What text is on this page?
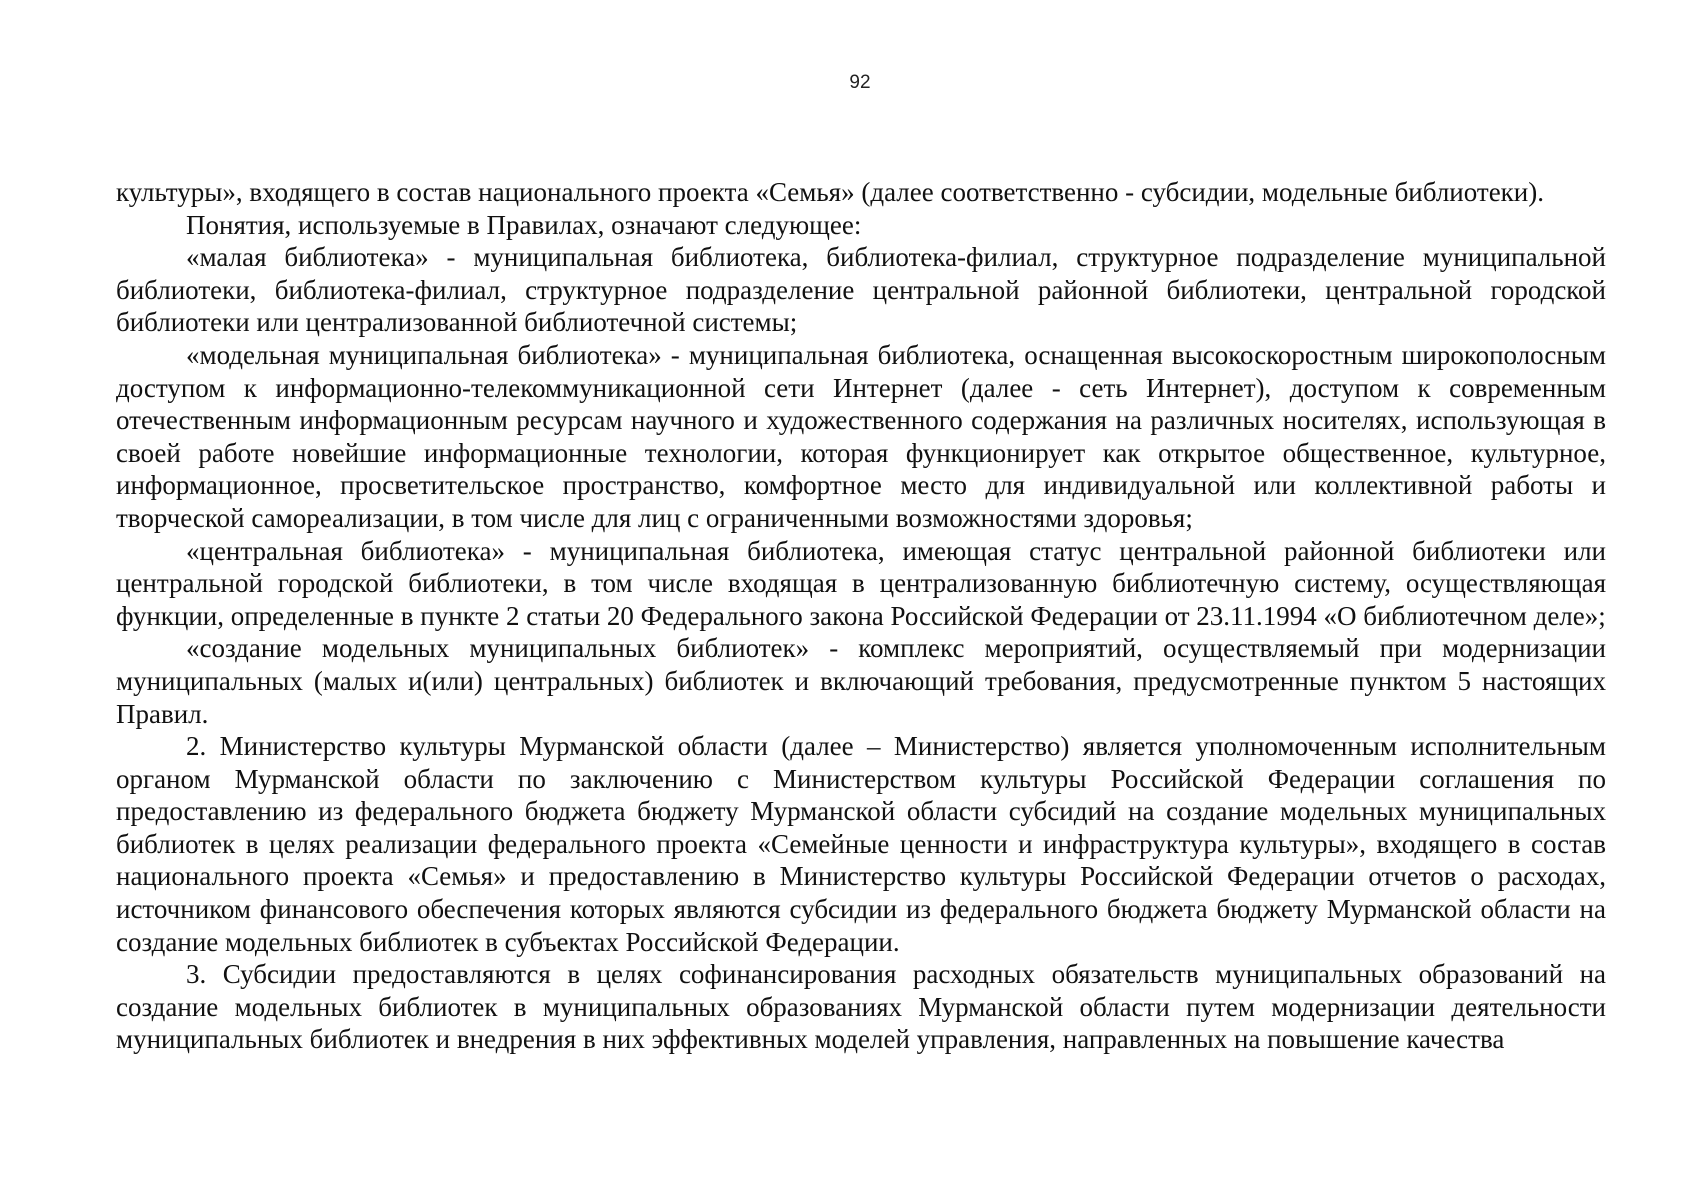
92

культуры», входящего в состав национального проекта «Семья» (далее соответственно - субсидии, модельные библиотеки).

Понятия, используемые в Правилах, означают следующее:

«малая библиотека» - муниципальная библиотека, библиотека-филиал, структурное подразделение муниципальной библиотеки, библиотека-филиал, структурное подразделение центральной районной библиотеки, центральной городской библиотеки или централизованной библиотечной системы;

«модельная муниципальная библиотека» - муниципальная библиотека, оснащенная высокоскоростным широкополосным доступом к информационно-телекоммуникационной сети Интернет (далее - сеть Интернет), доступом к современным отечественным информационным ресурсам научного и художественного содержания на различных носителях, использующая в своей работе новейшие информационные технологии, которая функционирует как открытое общественное, культурное, информационное, просветительское пространство, комфортное место для индивидуальной или коллективной работы и творческой самореализации, в том числе для лиц с ограниченными возможностями здоровья;

«центральная библиотека» - муниципальная библиотека, имеющая статус центральной районной библиотеки или центральной городской библиотеки, в том числе входящая в централизованную библиотечную систему, осуществляющая функции, определенные в пункте 2 статьи 20 Федерального закона Российской Федерации от 23.11.1994 «О библиотечном деле»;

«создание модельных муниципальных библиотек» - комплекс мероприятий, осуществляемый при модернизации муниципальных (малых и(или) центральных) библиотек и включающий требования, предусмотренные пунктом 5 настоящих Правил.

2. Министерство культуры Мурманской области (далее – Министерство) является уполномоченным исполнительным органом Мурманской области по заключению с Министерством культуры Российской Федерации соглашения по предоставлению из федерального бюджета бюджету Мурманской области субсидий на создание модельных муниципальных библиотек в целях реализации федерального проекта «Семейные ценности и инфраструктура культуры», входящего в состав национального проекта «Семья» и предоставлению в Министерство культуры Российской Федерации отчетов о расходах, источником финансового обеспечения которых являются субсидии из федерального бюджета бюджету Мурманской области на создание модельных библиотек в субъектах Российской Федерации.

3. Субсидии предоставляются в целях софинансирования расходных обязательств муниципальных образований на создание модельных библиотек в муниципальных образованиях Мурманской области путем модернизации деятельности муниципальных библиотек и внедрения в них эффективных моделей управления, направленных на повышение качества
